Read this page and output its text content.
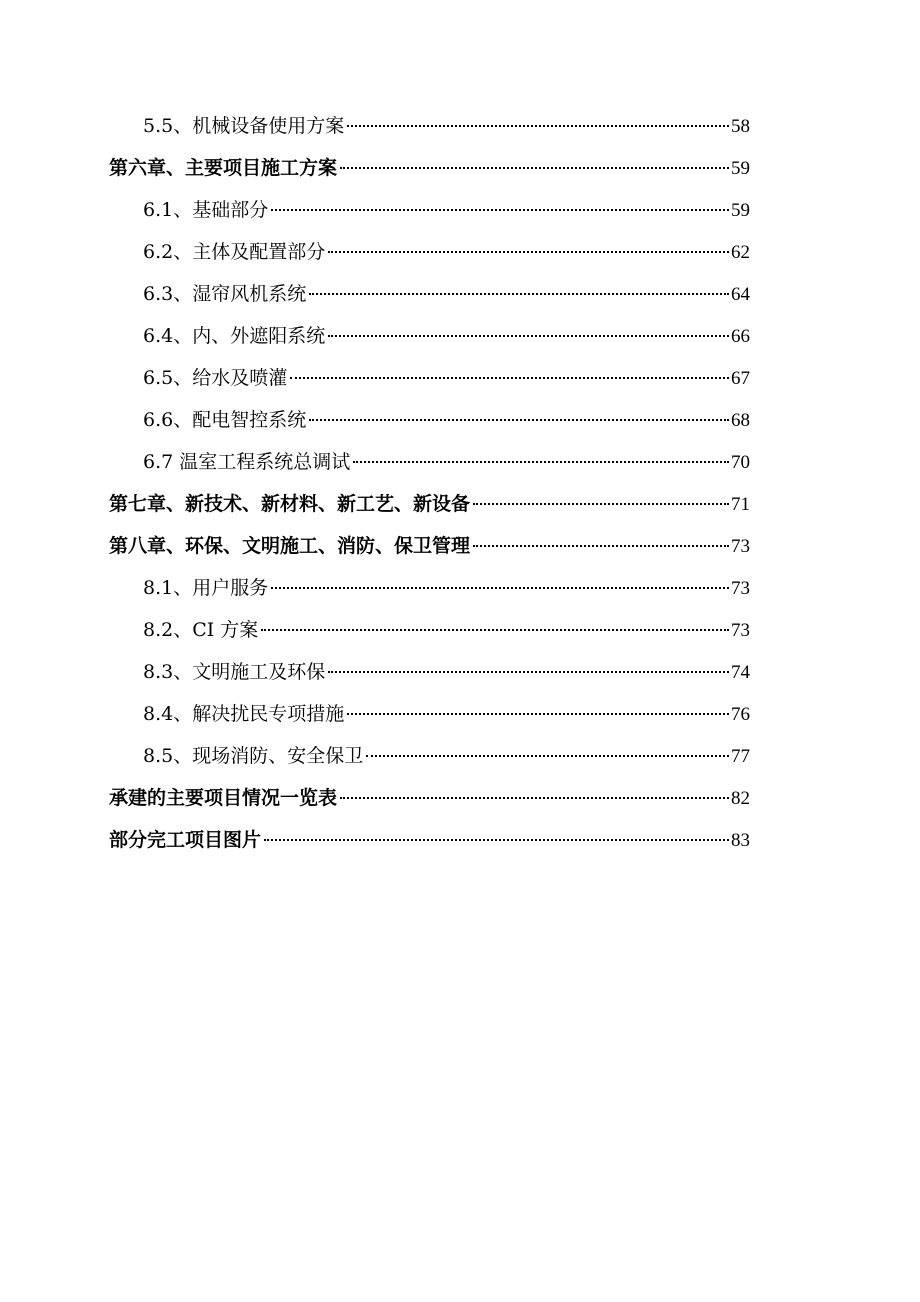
5.5、机械设备使用方案	58
第六章、主要项目施工方案	59
6.1、基础部分	59
6.2、主体及配置部分	62
6.3、湿帘风机系统	64
6.4、内、外遮阳系统	66
6.5、给水及喷灌	67
6.6、配电智控系统	68
6.7 温室工程系统总调试	70
第七章、新技术、新材料、新工艺、新设备	71
第八章、环保、文明施工、消防、保卫管理	73
8.1、用户服务	73
8.2、CI 方案	73
8.3、文明施工及环保	74
8.4、解决扰民专项措施	76
8.5、现场消防、安全保卫	77
承建的主要项目情况一览表	82
部分完工项目图片	83
